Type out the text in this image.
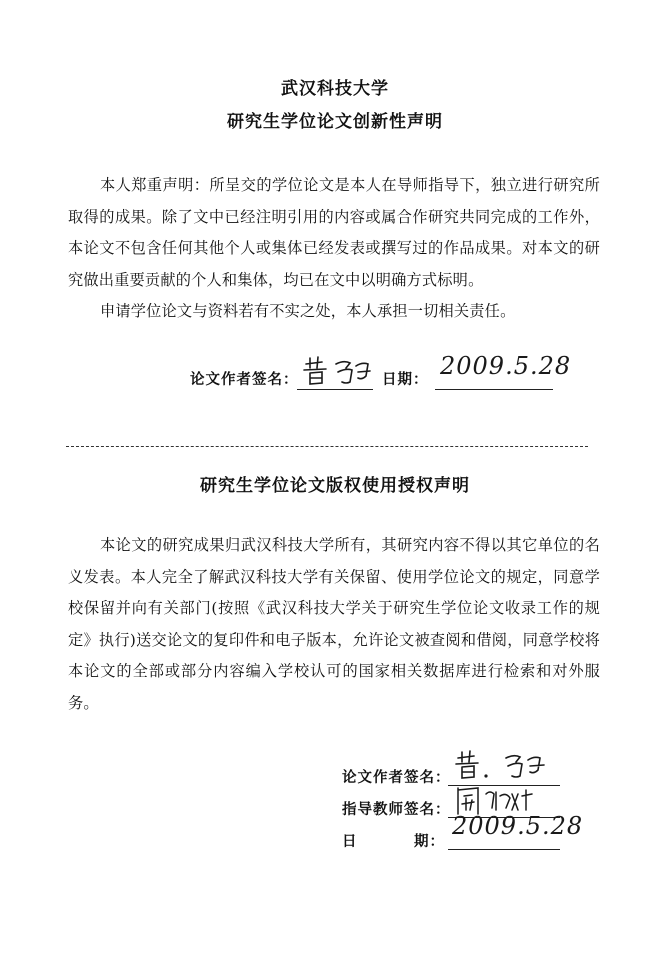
武汉科技大学
研究生学位论文创新性声明
本人郑重声明：所呈交的学位论文是本人在导师指导下，独立进行研究所取得的成果。除了文中已经注明引用的内容或属合作研究共同完成的工作外，本论文不包含任何其他个人或集体已经发表或撰写过的作品成果。对本文的研究做出重要贡献的个人和集体，均已在文中以明确方式标明。
申请学位论文与资料若有不实之处，本人承担一切相关责任。
论文作者签名：	日期： 2009.5.28
研究生学位论文版权使用授权声明
本论文的研究成果归武汉科技大学所有，其研究内容不得以其它单位的名义发表。本人完全了解武汉科技大学有关保留、使用学位论文的规定，同意学校保留并向有关部门(按照《武汉科技大学关于研究生学位论文收录工作的规定》执行)送交论文的复印件和电子版本，允许论文被查阅和借阅，同意学校将本论文的全部或部分内容编入学校认可的国家相关数据库进行检索和对外服务。
论文作者签名：
指导教师签名：
日	期：
2009.5.28
